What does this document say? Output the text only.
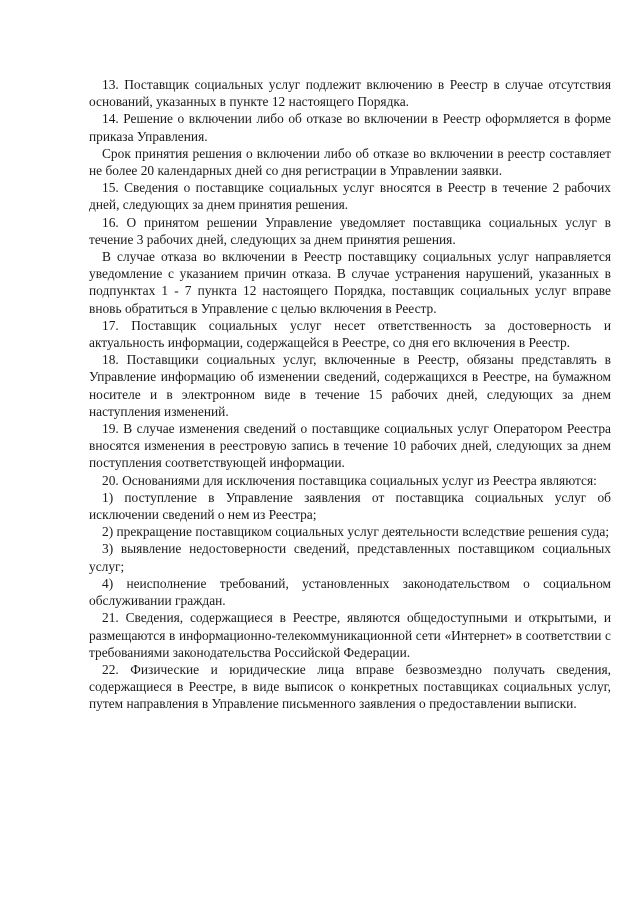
13. Поставщик социальных услуг подлежит включению в Реестр в случае отсутствия оснований, указанных в пункте 12 настоящего Порядка.

14. Решение о включении либо об отказе во включении в Реестр оформляется в форме приказа Управления.

Срок принятия решения о включении либо об отказе во включении в реестр составляет не более 20 календарных дней со дня регистрации в Управлении заявки.

15. Сведения о поставщике социальных услуг вносятся в Реестр в течение 2 рабочих дней, следующих за днем принятия решения.

16. О принятом решении Управление уведомляет поставщика социальных услуг в течение 3 рабочих дней, следующих за днем принятия решения.

В случае отказа во включении в Реестр поставщику социальных услуг направляется уведомление с указанием причин отказа. В случае устранения нарушений, указанных в подпунктах 1 - 7 пункта 12 настоящего Порядка, поставщик социальных услуг вправе вновь обратиться в Управление с целью включения в Реестр.

17. Поставщик социальных услуг несет ответственность за достоверность и актуальность информации, содержащейся в Реестре, со дня его включения в Реестр.

18. Поставщики социальных услуг, включенные в Реестр, обязаны представлять в Управление информацию об изменении сведений, содержащихся в Реестре, на бумажном носителе и в электронном виде в течение 15 рабочих дней, следующих за днем наступления изменений.

19. В случае изменения сведений о поставщике социальных услуг Оператором Реестра вносятся изменения в реестровую запись в течение 10 рабочих дней, следующих за днем поступления соответствующей информации.

20. Основаниями для исключения поставщика социальных услуг из Реестра являются:

1) поступление в Управление заявления от поставщика социальных услуг об исключении сведений о нем из Реестра;

2) прекращение поставщиком социальных услуг деятельности вследствие решения суда;

3) выявление недостоверности сведений, представленных поставщиком социальных услуг;

4) неисполнение требований, установленных законодательством о социальном обслуживании граждан.

21. Сведения, содержащиеся в Реестре, являются общедоступными и открытыми, и размещаются в информационно-телекоммуникационной сети «Интернет» в соответствии с требованиями законодательства Российской Федерации.

22. Физические и юридические лица вправе безвозмездно получать сведения, содержащиеся в Реестре, в виде выписок о конкретных поставщиках социальных услуг, путем направления в Управление письменного заявления о предоставлении выписки.
